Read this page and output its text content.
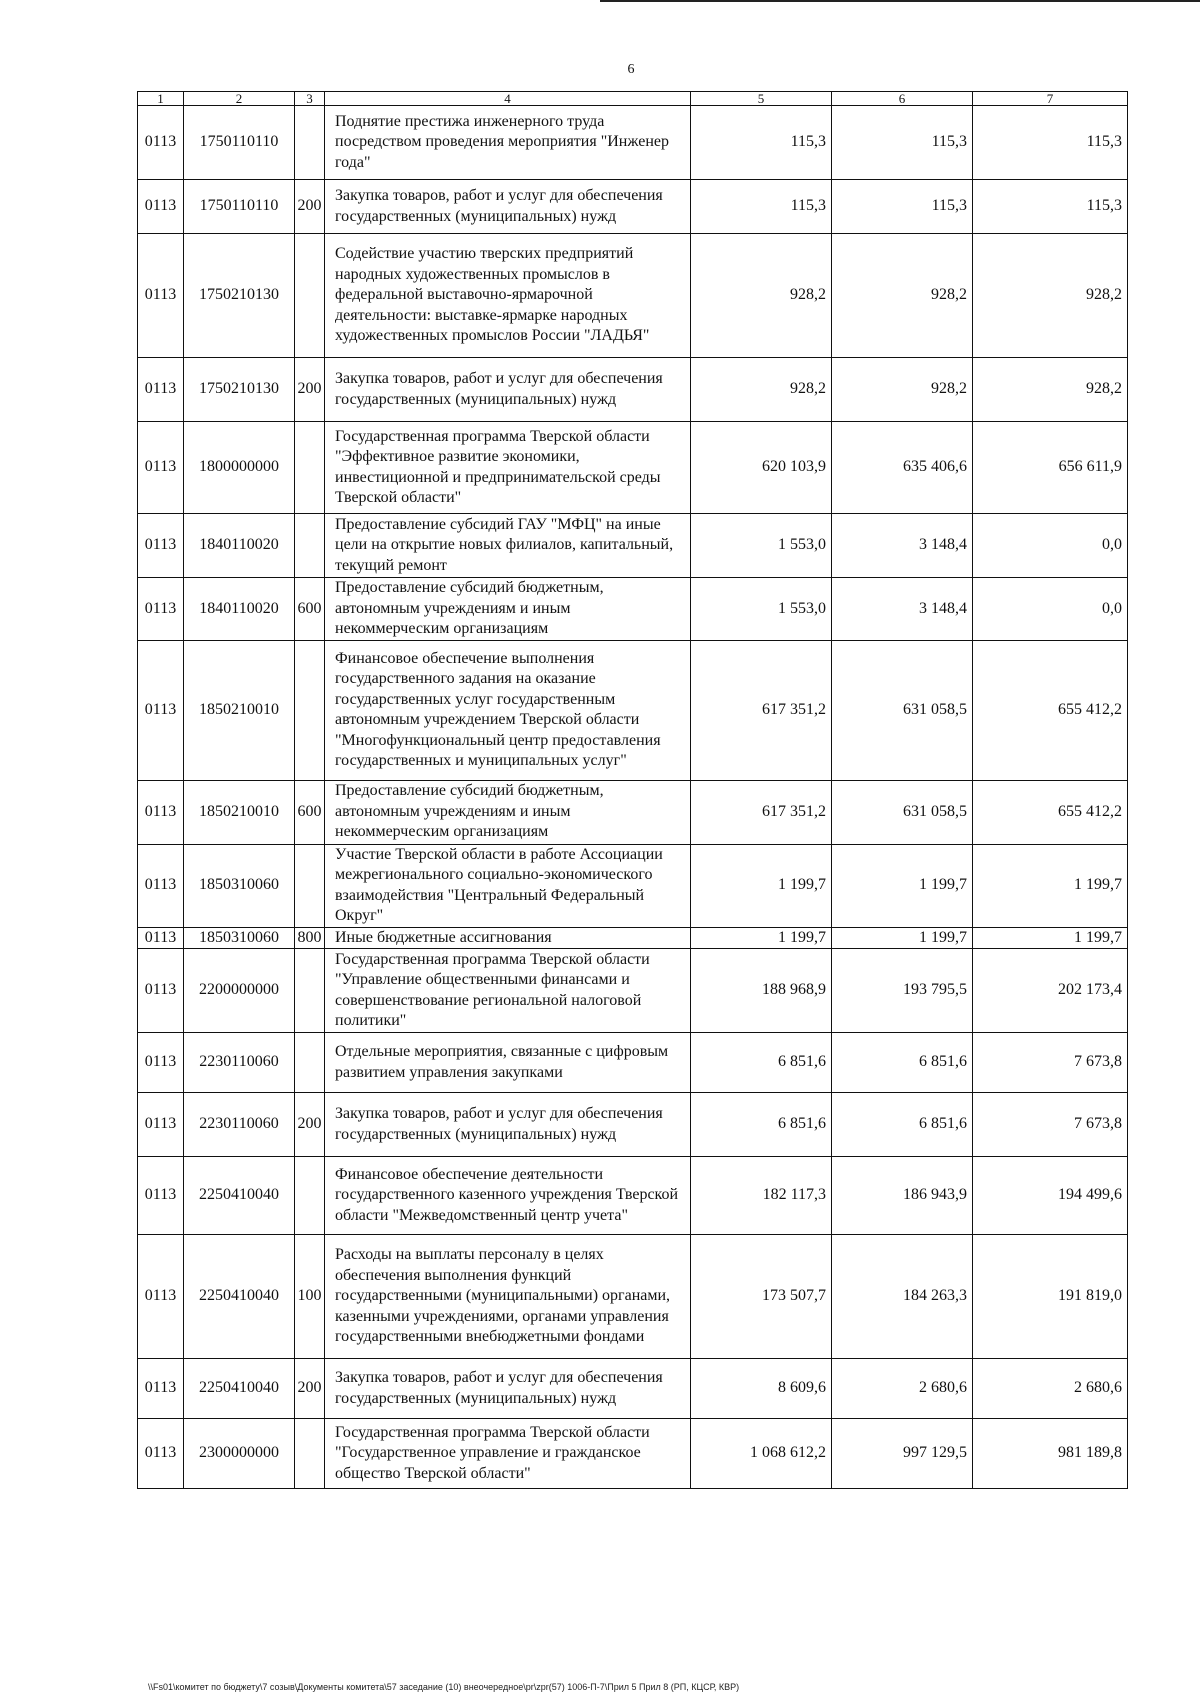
6
1	2	3	4	5	6	7
0113	1750110110		Поднятие престижа инженерного труда посредством проведения мероприятия "Инженер года"	115,3	115,3	115,3
0113	1750110110	200	Закупка товаров, работ и услуг для обеспечения государственных (муниципальных) нужд	115,3	115,3	115,3
0113	1750210130		Содействие участию тверских предприятий народных художественных промыслов в федеральной выставочно-ярмарочной деятельности: выставке-ярмарке народных художественных промыслов России "ЛАДЬЯ"	928,2	928,2	928,2
0113	1750210130	200	Закупка товаров, работ и услуг для обеспечения государственных (муниципальных) нужд	928,2	928,2	928,2
0113	1800000000		Государственная программа Тверской области "Эффективное развитие экономики, инвестиционной и предпринимательской среды Тверской области"	620 103,9	635 406,6	656 611,9
0113	1840110020		Предоставление субсидий ГАУ "МФЦ" на иные цели на открытие новых филиалов, капитальный, текущий ремонт	1 553,0	3 148,4	0,0
0113	1840110020	600	Предоставление субсидий бюджетным, автономным учреждениям и иным некоммерческим организациям	1 553,0	3 148,4	0,0
0113	1850210010		Финансовое обеспечение выполнения государственного задания на оказание государственных услуг государственным автономным учреждением Тверской области "Многофункциональный центр предоставления государственных и муниципальных услуг"	617 351,2	631 058,5	655 412,2
0113	1850210010	600	Предоставление субсидий бюджетным, автономным учреждениям и иным некоммерческим организациям	617 351,2	631 058,5	655 412,2
0113	1850310060		Участие Тверской области в работе Ассоциации межрегионального социально-экономического взаимодействия "Центральный Федеральный Округ"	1 199,7	1 199,7	1 199,7
0113	1850310060	800	Иные бюджетные ассигнования	1 199,7	1 199,7	1 199,7
0113	2200000000		Государственная программа Тверской области "Управление общественными финансами и совершенствование региональной налоговой политики"	188 968,9	193 795,5	202 173,4
0113	2230110060		Отдельные мероприятия, связанные с цифровым развитием управления закупками	6 851,6	6 851,6	7 673,8
0113	2230110060	200	Закупка товаров, работ и услуг для обеспечения государственных (муниципальных) нужд	6 851,6	6 851,6	7 673,8
0113	2250410040		Финансовое обеспечение деятельности государственного казенного учреждения Тверской области "Межведомственный центр учета"	182 117,3	186 943,9	194 499,6
0113	2250410040	100	Расходы на выплаты персоналу в целях обеспечения выполнения функций государственными (муниципальными) органами, казенными учреждениями, органами управления государственными внебюджетными фондами	173 507,7	184 263,3	191 819,0
0113	2250410040	200	Закупка товаров, работ и услуг для обеспечения государственных (муниципальных) нужд	8 609,6	2 680,6	2 680,6
0113	2300000000		Государственная программа Тверской области "Государственное управление и гражданское общество Тверской области"	1 068 612,2	997 129,5	981 189,8
\\Fs01\комитет по бюджету\7 созыв\Документы комитета\57 заседание (10) внеочередное\pr\zpr(57) 1006-П-7\Прил 5 Прил 8 (РП, КЦСР, КВР)
